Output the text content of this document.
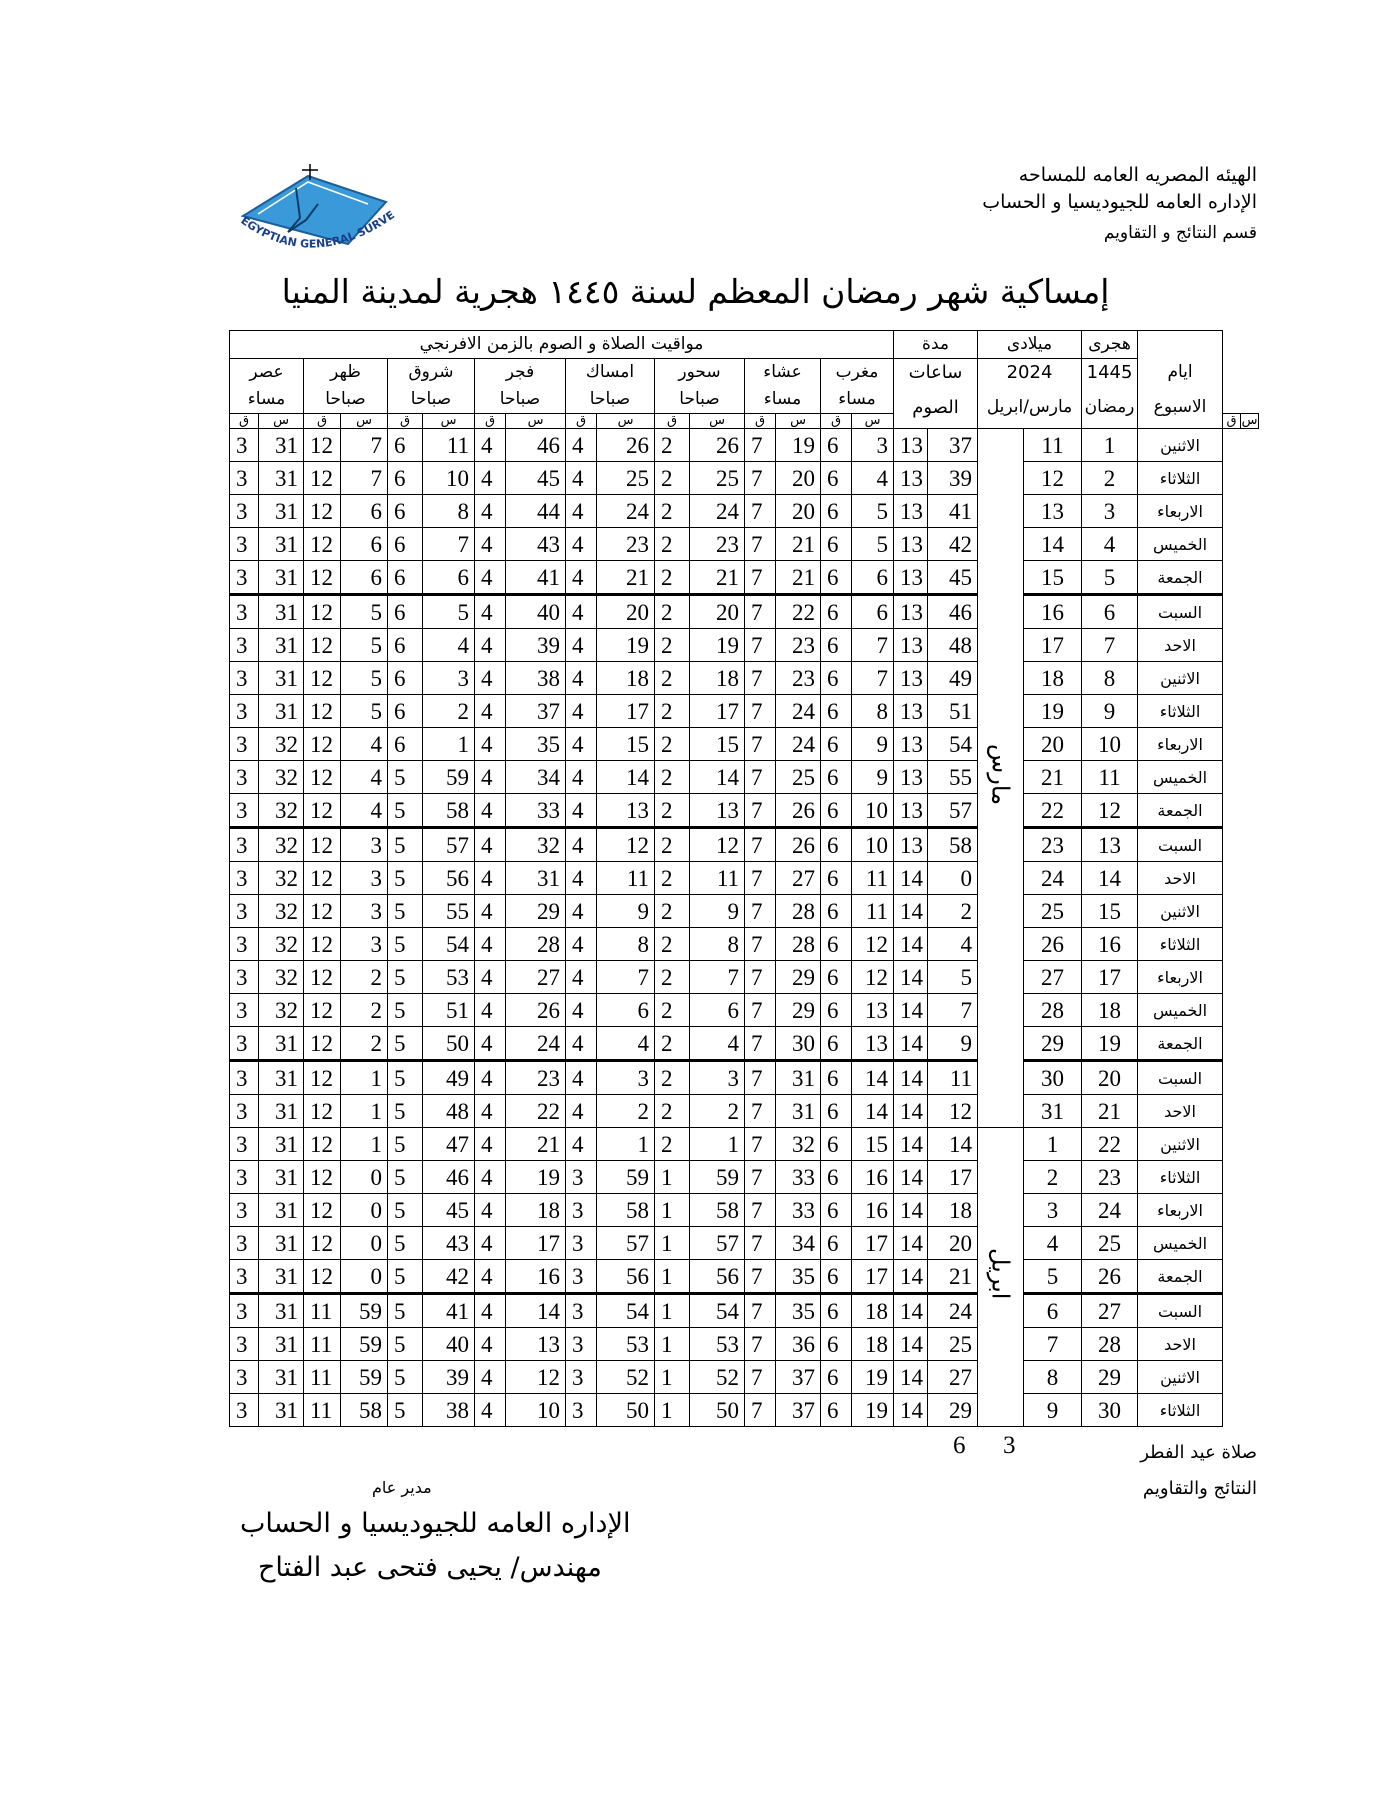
الهيئه المصريه العامه للمساحه
الإداره العامه للجيوديسيا و الحساب
قسم النتائج و التقاويم
EGYPTIAN GENERAL SURVE
إمساكية شهر رمضان المعظم لسنة ١٤٤٥ هجرية لمدينة المنيا
مواقيت الصلاة و الصوم بالزمن الافرنجي																مدة		ميلادى		هجرى			
عصر		ظهر		شروق		فجر		امساك		سحور		عشاء		مغرب		ساعات		2024		1445	ايام		
مساء		صباحا		صباحا		صباحا		صباحا		صباحا		مساء		مساء		الصوم		مارس/ابريل		رمضان	الاسبوع		
ق	س	ق	س	ق	س	ق	س	ق	س	ق	س	ق	س	ق	س							ق	س
3	31	12	7	6	11	4	46	4	26	2	26	7	19	6	3	13	37	مارس	11	1	الاثنين		
3	31	12	7	6	10	4	45	4	25	2	25	7	20	6	4	13	39		12	2	الثلاثاء		
3	31	12	6	6	8	4	44	4	24	2	24	7	20	6	5	13	41		13	3	الاربعاء		
3	31	12	6	6	7	4	43	4	23	2	23	7	21	6	5	13	42		14	4	الخميس		
3	31	12	6	6	6	4	41	4	21	2	21	7	21	6	6	13	45		15	5	الجمعة		
3	31	12	5	6	5	4	40	4	20	2	20	7	22	6	6	13	46		16	6	السبت		
3	31	12	5	6	4	4	39	4	19	2	19	7	23	6	7	13	48		17	7	الاحد		
3	31	12	5	6	3	4	38	4	18	2	18	7	23	6	7	13	49		18	8	الاثنين		
3	31	12	5	6	2	4	37	4	17	2	17	7	24	6	8	13	51		19	9	الثلاثاء		
3	32	12	4	6	1	4	35	4	15	2	15	7	24	6	9	13	54		20	10	الاربعاء		
3	32	12	4	5	59	4	34	4	14	2	14	7	25	6	9	13	55		21	11	الخميس		
3	32	12	4	5	58	4	33	4	13	2	13	7	26	6	10	13	57		22	12	الجمعة		
3	32	12	3	5	57	4	32	4	12	2	12	7	26	6	10	13	58		23	13	السبت		
3	32	12	3	5	56	4	31	4	11	2	11	7	27	6	11	14	0		24	14	الاحد		
3	32	12	3	5	55	4	29	4	9	2	9	7	28	6	11	14	2		25	15	الاثنين		
3	32	12	3	5	54	4	28	4	8	2	8	7	28	6	12	14	4		26	16	الثلاثاء		
3	32	12	2	5	53	4	27	4	7	2	7	7	29	6	12	14	5		27	17	الاربعاء		
3	32	12	2	5	51	4	26	4	6	2	6	7	29	6	13	14	7		28	18	الخميس		
3	31	12	2	5	50	4	24	4	4	2	4	7	30	6	13	14	9		29	19	الجمعة		
3	31	12	1	5	49	4	23	4	3	2	3	7	31	6	14	14	11		30	20	السبت		
3	31	12	1	5	48	4	22	4	2	2	2	7	31	6	14	14	12		31	21	الاحد		
3	31	12	1	5	47	4	21	4	1	2	1	7	32	6	15	14	14	ابريل	1	22	الاثنين		
3	31	12	0	5	46	4	19	3	59	1	59	7	33	6	16	14	17		2	23	الثلاثاء		
3	31	12	0	5	45	4	18	3	58	1	58	7	33	6	16	14	18		3	24	الاربعاء		
3	31	12	0	5	43	4	17	3	57	1	57	7	34	6	17	14	20		4	25	الخميس		
3	31	12	0	5	42	4	16	3	56	1	56	7	35	6	17	14	21		5	26	الجمعة		
3	31	11	59	5	41	4	14	3	54	1	54	7	35	6	18	14	24		6	27	السبت		
3	31	11	59	5	40	4	13	3	53	1	53	7	36	6	18	14	25		7	28	الاحد		
3	31	11	59	5	39	4	12	3	52	1	52	7	37	6	19	14	27		8	29	الاثنين		
3	31	11	58	5	38	4	10	3	50	1	50	7	37	6	19	14	29		9	30	الثلاثاء		
صلاة عيد الفطر
6 3
النتائج والتقاويم
مدير عام
الإداره العامه للجيوديسيا و الحساب
مهندس/ يحيى فتحى عبد الفتاح
